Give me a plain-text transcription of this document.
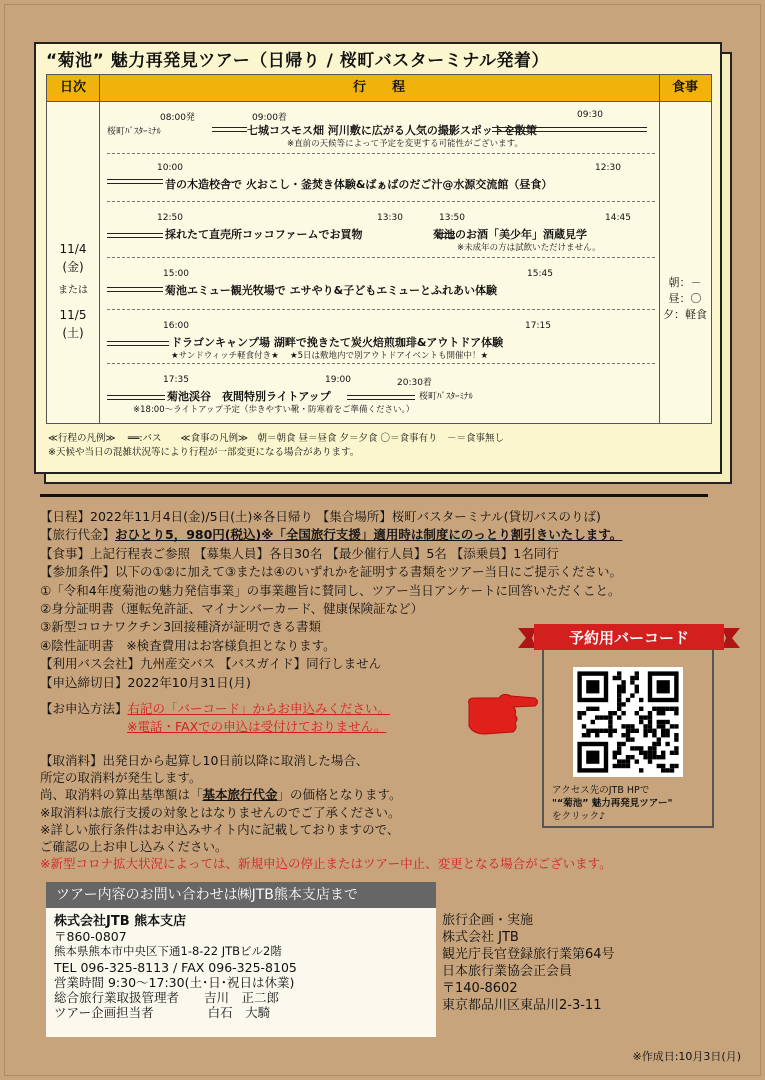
“菊池” 魅力再発見ツアー（日帰り / 桜町バスターミナル発着）
日次	行　　程	食事
11/4
(金)
または
11/5
(土)
朝：－
昼：〇
夕：軽食
08:00発	09:00着	09:30
桜町ﾊﾞｽﾀｰﾐﾅﾙ	七城コスモス畑 河川敷に広がる人気の撮影スポットを散策
※直前の天候等によって予定を変更する可能性がございます。
10:00	12:30
昔の木造校舎で 火おこし・釜焚き体験&ばぁばのだご汁@水源交流館（昼食）
12:50	13:30	13:50	14:45
採れたて直売所コッコファームでお買物	菊池のお酒「美少年」酒蔵見学
※未成年の方は試飲いただけません。
15:00	15:45
菊池エミュー観光牧場で エサやり&子どもエミューとふれあい体験
16:00	17:15
ドラゴンキャンプ場 湖畔で挽きたて炭火焙煎珈琲&アウトドア体験
★サンドウィッチ軽食付き★　 ★5日は敷地内で別アウトドアイベントも開催中！★
17:35	19:00	20:30着
菊池渓谷　夜間特別ライトアップ	桜町ﾊﾞｽﾀｰﾐﾅﾙ
※18:00～ライトアップ予定（歩きやすい靴・防寒着をご準備ください。）
≪行程の凡例≫　 ══:バス　　≪食事の凡例≫　朝＝朝食 昼＝昼食 夕＝夕食 〇＝食事有り　－＝食事無し
※天候や当日の混雑状況等により行程が一部変更になる場合があります。
【日程】2022年11月4日(金)/5日(土)※各日帰り 【集合場所】桜町バスターミナル(貸切バスのりば)
【旅行代金】おひとり5，980円(税込)※「全国旅行支援」適用時は制度にのっとり割引きいたします。
【食事】上記行程表ご参照 【募集人員】各日30名 【最少催行人員】5名 【添乗員】1名同行
【参加条件】以下の①②に加えて③または④のいずれかを証明する書類をツアー当日にご提示ください。
①「令和4年度菊池の魅力発信事業」の事業趣旨に賛同し、ツアー当日アンケートに回答いただくこと。
②身分証明書（運転免許証、マイナンバーカード、健康保険証など）
③新型コロナワクチン3回接種済が証明できる書類
④陰性証明書　※検査費用はお客様負担となります。
【利用バス会社】九州産交バス 【バスガイド】同行しません
【申込締切日】2022年10月31日(月)
【お申込方法】右記の「バーコード」からお申込みください。
※電話・FAXでの申込は受付けておりません。
【取消料】出発日から起算し10日前以降に取消した場合、
所定の取消料が発生します。
尚、取消料の算出基準額は「基本旅行代金」の価格となります。
※取消料は旅行支援の対象とはなりませんのでご了承ください。
※詳しい旅行条件はお申込みサイト内に記載しておりますので、
ご確認の上お申し込みください。
※新型コロナ拡大状況によっては、新規申込の停止またはツアー中止、変更となる場合がございます。
予約用バーコード
アクセス先のJTB HPで
"“菊池” 魅力再発見ツアー"
をクリック♪
ツアー内容のお問い合わせは㈱JTB熊本支店まで
株式会社JTB 熊本支店
〒860-0807
熊本県熊本市中央区下通1-8-22 JTBビル2階
TEL 096-325-8113 / FAX 096-325-8105
営業時間 9:30～17:30(土･日･祝日は休業)
総合旅行業取扱管理者　　吉川　正二郎
ツアー企画担当者　　　　 白石　大騎
旅行企画・実施
株式会社 JTB
観光庁長官登録旅行業第64号
日本旅行業協会正会員
〒140-8602
東京都品川区東品川2-3-11
※作成日:10月3日(月)
